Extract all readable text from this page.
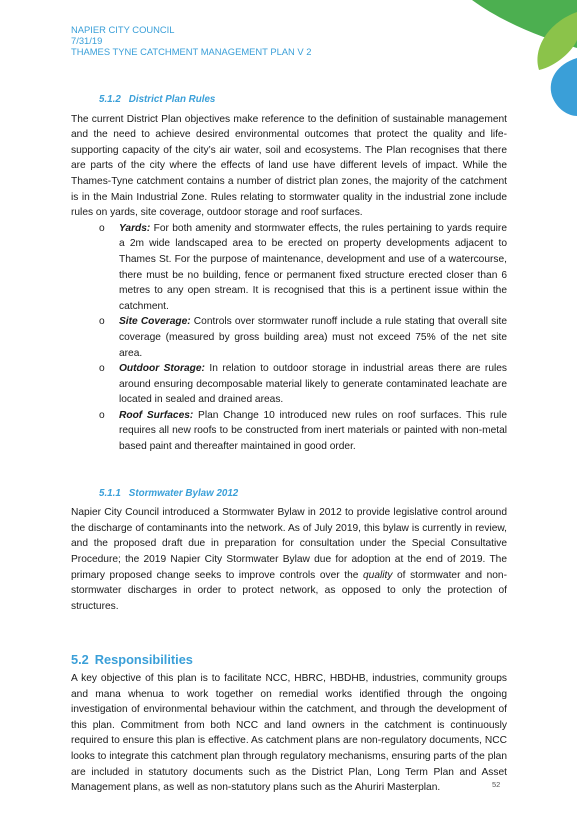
NAPIER CITY COUNCIL
7/31/19
THAMES TYNE CATCHMENT MANAGEMENT PLAN V 2
5.1.2 District Plan Rules

The current District Plan objectives make reference to the definition of sustainable management and the need to achieve desired environmental outcomes that protect the quality and life-supporting capacity of the city’s air water, soil and ecosystems. The Plan recognises that there are parts of the city where the effects of land use have different levels of impact. While the Thames-Tyne catchment contains a number of district plan zones, the majority of the catchment is in the Main Industrial Zone. Rules relating to stormwater quality in the industrial zone include rules on yards, site coverage, outdoor storage and roof surfaces.

o Yards: For both amenity and stormwater effects, the rules pertaining to yards require a 2m wide landscaped area to be erected on property developments adjacent to Thames St. For the purpose of maintenance, development and use of a watercourse, there must be no building, fence or permanent fixed structure erected closer than 6 metres to any open stream. It is recognised that this is a pertinent issue within the catchment.
o Site Coverage: Controls over stormwater runoff include a rule stating that overall site coverage (measured by gross building area) must not exceed 75% of the net site area.
o Outdoor Storage: In relation to outdoor storage in industrial areas there are rules around ensuring decomposable material likely to generate contaminated leachate are located in sealed and drained areas.
o Roof Surfaces: Plan Change 10 introduced new rules on roof surfaces. This rule requires all new roofs to be constructed from inert materials or painted with non-metal based paint and thereafter maintained in good order.
5.1.1 Stormwater Bylaw 2012

Napier City Council introduced a Stormwater Bylaw in 2012 to provide legislative control around the discharge of contaminants into the network. As of July 2019, this bylaw is currently in review, and the proposed draft due in preparation for consultation under the Special Consultative Procedure; the 2019 Napier City Stormwater Bylaw due for adoption at the end of 2019. The primary proposed change seeks to improve controls over the quality of stormwater and non-stormwater discharges in order to protect network, as opposed to only the protection of structures.

5.2 Responsibilities

A key objective of this plan is to facilitate NCC, HBRC, HBDHB, industries, community groups and mana whenua to work together on remedial works identified through the ongoing investigation of environmental behaviour within the catchment, and through the development of this plan. Commitment from both NCC and land owners in the catchment is continuously required to ensure this plan is effective. As catchment plans are non-regulatory documents, NCC looks to integrate this catchment plan through regulatory mechanisms, ensuring parts of the plan are included in statutory documents such as the District Plan, Long Term Plan and Asset Management plans, as well as non-statutory plans such as the Ahuriri Masterplan.	52
